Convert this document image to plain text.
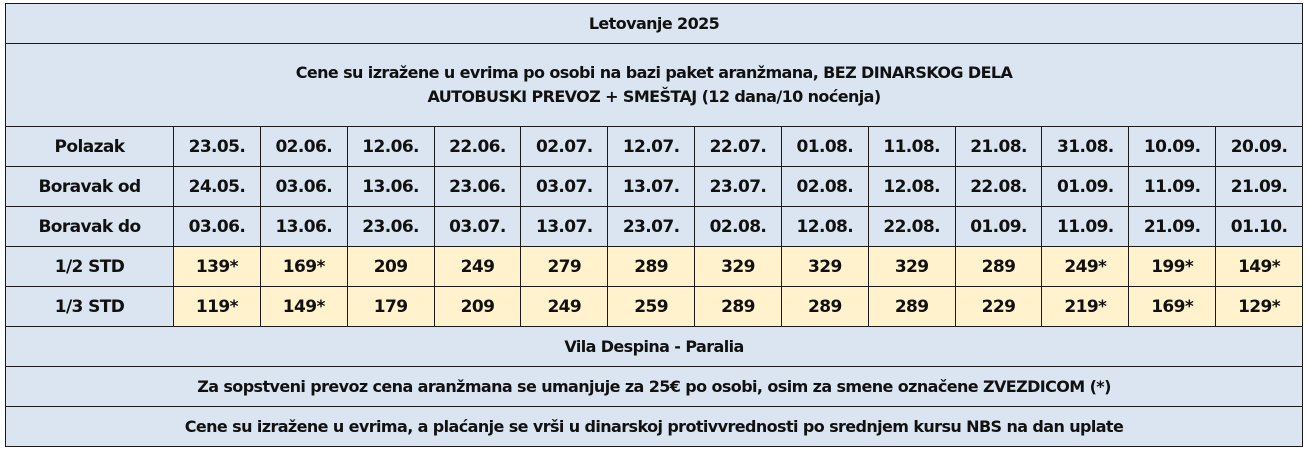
Letovanje 2025													

Cene su izražene u evrima po osobi na bazi paket aranžmana, BEZ DINARSKOG DELA
AUTOBUSKI PREVOZ + SMEŠTAJ (12 dana/10 noćenja)													

Polazak	23.05.	02.06.	12.06.	22.06.	02.07.	12.07.	22.07.	01.08.	11.08.	21.08.	31.08.	10.09.	20.09.
Boravak od	24.05.	03.06.	13.06.	23.06.	03.07.	13.07.	23.07.	02.08.	12.08.	22.08.	01.09.	11.09.	21.09.
Boravak do	03.06.	13.06.	23.06.	03.07.	13.07.	23.07.	02.08.	12.08.	22.08.	01.09.	11.09.	21.09.	01.10.
1/2 STD	139*	169*	209	249	279	289	329	329	329	289	249*	199*	149*
1/3 STD	119*	149*	179	209	249	259	289	289	289	229	219*	169*	129*
Vila Despina - Paralia													
Za sopstveni prevoz cena aranžmana se umanjuje za 25€ po osobi, osim za smene označene ZVEZDICOM (*)													
Cene su izražene u evrima, a plaćanje se vrši u dinarskoj protivvrednosti po srednjem kursu NBS na dan uplate													
